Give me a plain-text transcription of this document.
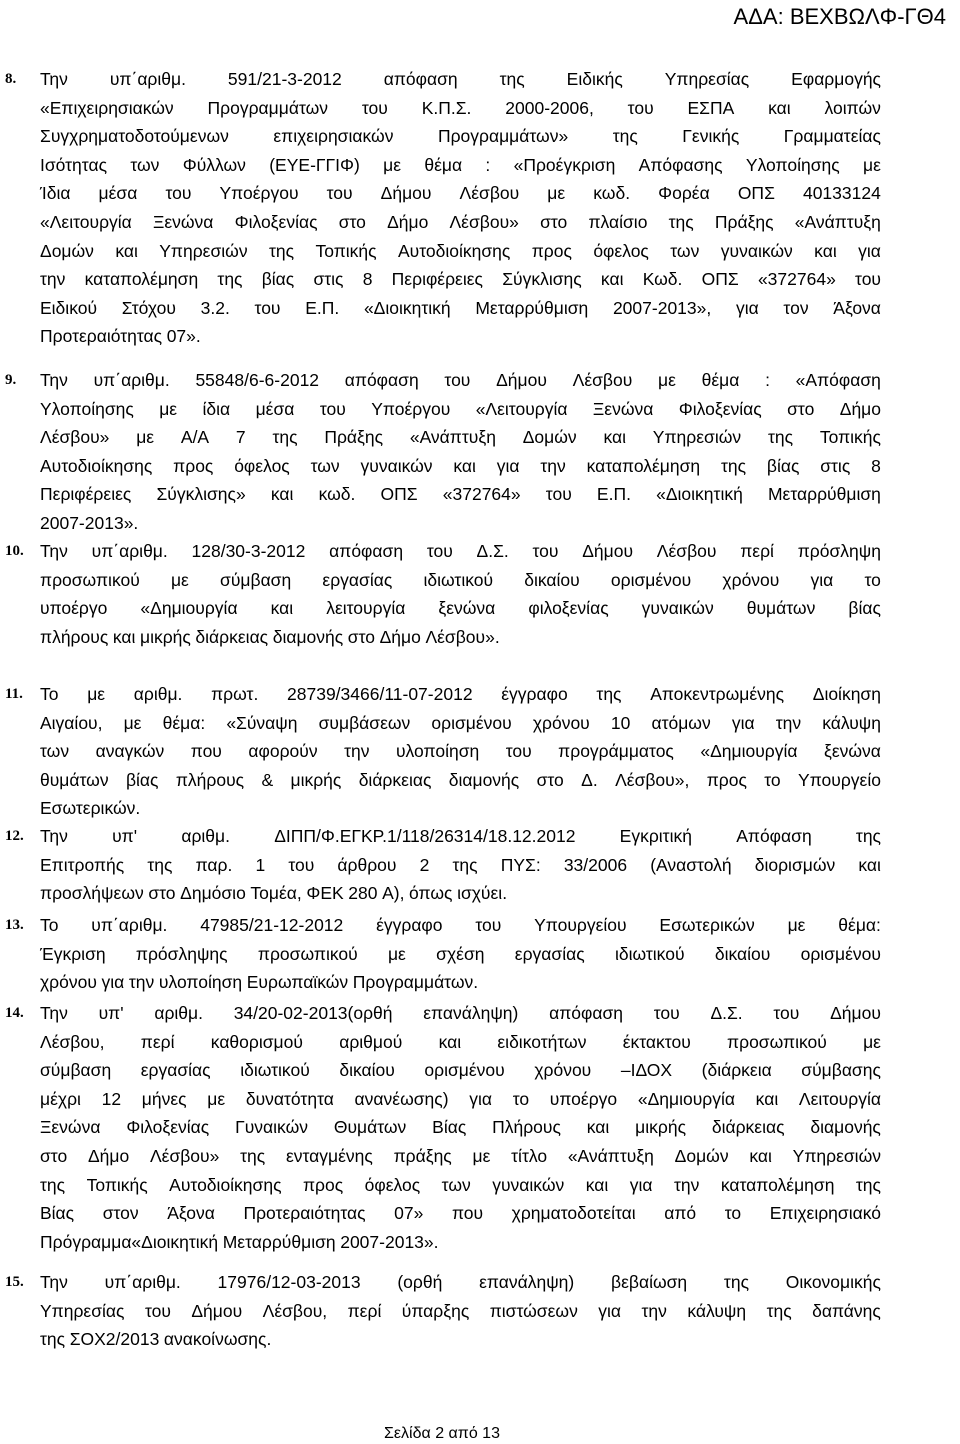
ΑΔΑ: ΒΕΧΒΩΛΦ-ΓΘ4
8. Την υπ΄αριθμ. 591/21-3-2012 απόφαση της Ειδικής Υπηρεσίας Εφαρμογής
«Επιχειρησιακών Προγραμμάτων του Κ.Π.Σ. 2000-2006, του ΕΣΠΑ και λοιπών
Συγχρηματοδοτούμενων	επιχειρησιακών	Προγραμμάτων»	της	Γενικής	Γραμματείας
Ισότητας των Φύλλων (ΕΥΕ-ΓΓΙΦ) με θέμα : «Προέγκριση Απόφασης Υλοποίησης με
Ίδια μέσα του Υποέργου του Δήμου Λέσβου με κωδ. Φορέα ΟΠΣ 40133124
«Λειτουργία Ξενώνα Φιλοξενίας στο Δήμο Λέσβου» στο πλαίσιο της Πράξης «Ανάπτυξη
Δομών και Υπηρεσιών της Τοπικής Αυτοδιοίκησης προς όφελος των γυναικών και για
την καταπολέμηση της βίας στις 8 Περιφέρειες Σύγκλισης και Κωδ. ΟΠΣ «372764» του
Ειδικού Στόχου 3.2. του Ε.Π. «Διοικητική Μεταρρύθμιση 2007-2013», για τον Άξονα
Προτεραιότητας 07».
9. Την υπ΄αριθμ. 55848/6-6-2012 απόφαση του Δήμου Λέσβου με θέμα : «Απόφαση
Υλοποίησης με ίδια μέσα του Υποέργου «Λειτουργία Ξενώνα Φιλοξενίας στο Δήμο
Λέσβου» με Α/Α 7 της Πράξης «Ανάπτυξη Δομών και Υπηρεσιών της Τοπικής
Αυτοδιοίκησης προς όφελος των γυναικών και για την καταπολέμηση της βίας στις 8
Περιφέρειες Σύγκλισης» και κωδ. ΟΠΣ «372764» του Ε.Π. «Διοικητική Μεταρρύθμιση
2007-2013».
10. Την υπ΄αριθμ. 128/30-3-2012 απόφαση του Δ.Σ. του Δήμου Λέσβου περί πρόσληψη
προσωπικού με σύμβαση εργασίας ιδιωτικού δικαίου ορισμένου χρόνου για το
υποέργο «Δημιουργία και λειτουργία ξενώνα φιλοξενίας γυναικών θυμάτων βίας
πλήρους και μικρής διάρκειας διαμονής στο Δήμο Λέσβου».
11. Το με αριθμ. πρωτ. 28739/3466/11-07-2012 έγγραφο της Αποκεντρωμένης Διοίκηση
Αιγαίου, με θέμα: «Σύναψη συμβάσεων ορισμένου χρόνου 10 ατόμων για την κάλυψη
των αναγκών που αφορούν την υλοποίηση του προγράμματος «Δημιουργία ξενώνα
θυμάτων βίας πλήρους & μικρής διάρκειας διαμονής στο Δ. Λέσβου», προς το Υπουργείο
Εσωτερικών.
12. Την	υπ'	αριθμ.	ΔΙΠΠ/Φ.ΕΓΚΡ.1/118/26314/18.12.2012	Εγκριτική	Απόφαση	της
Επιτροπής της παρ. 1 του άρθρου 2 της ΠΥΣ: 33/2006 (Αναστολή διορισμών και
προσλήψεων στο Δημόσιο Τομέα, ΦΕΚ 280 Α), όπως ισχύει.
13. Το υπ΄αριθμ. 47985/21-12-2012 έγγραφο του Υπουργείου Εσωτερικών με θέμα:
Έγκριση πρόσληψης προσωπικού με σχέση εργασίας ιδιωτικού δικαίου ορισμένου
χρόνου για την υλοποίηση Ευρωπαϊκών Προγραμμάτων.
14. Την υπ' αριθμ. 34/20-02-2013(ορθή επανάληψη) απόφαση του Δ.Σ. του Δήμου
Λέσβου, περί καθορισμού αριθμού και ειδικοτήτων έκτακτου προσωπικού με
σύμβαση εργασίας ιδιωτικού δικαίου ορισμένου χρόνου –ΙΔΟΧ (διάρκεια σύμβασης
μέχρι 12 μήνες με δυνατότητα ανανέωσης) για το υποέργο «Δημιουργία και Λειτουργία
Ξενώνα Φιλοξενίας Γυναικών Θυμάτων Βίας Πλήρους και μικρής διάρκειας διαμονής
στο Δήμο Λέσβου» της ενταγμένης πράξης με τίτλο «Ανάπτυξη Δομών και Υπηρεσιών
της Τοπικής Αυτοδιοίκησης προς όφελος των γυναικών και για την καταπολέμηση της
Βίας στον Άξονα Προτεραιότητας 07» που χρηματοδοτείται από το Επιχειρησιακό
Πρόγραμμα«Διοικητική Μεταρρύθμιση 2007-2013».
15. Την υπ΄αριθμ. 17976/12-03-2013 (ορθή επανάληψη) βεβαίωση της Οικονομικής
Υπηρεσίας του Δήμου Λέσβου, περί ύπαρξης πιστώσεων για την κάλυψη της δαπάνης
της ΣΟΧ2/2013 ανακοίνωσης.
Σελίδα 2 από 13
